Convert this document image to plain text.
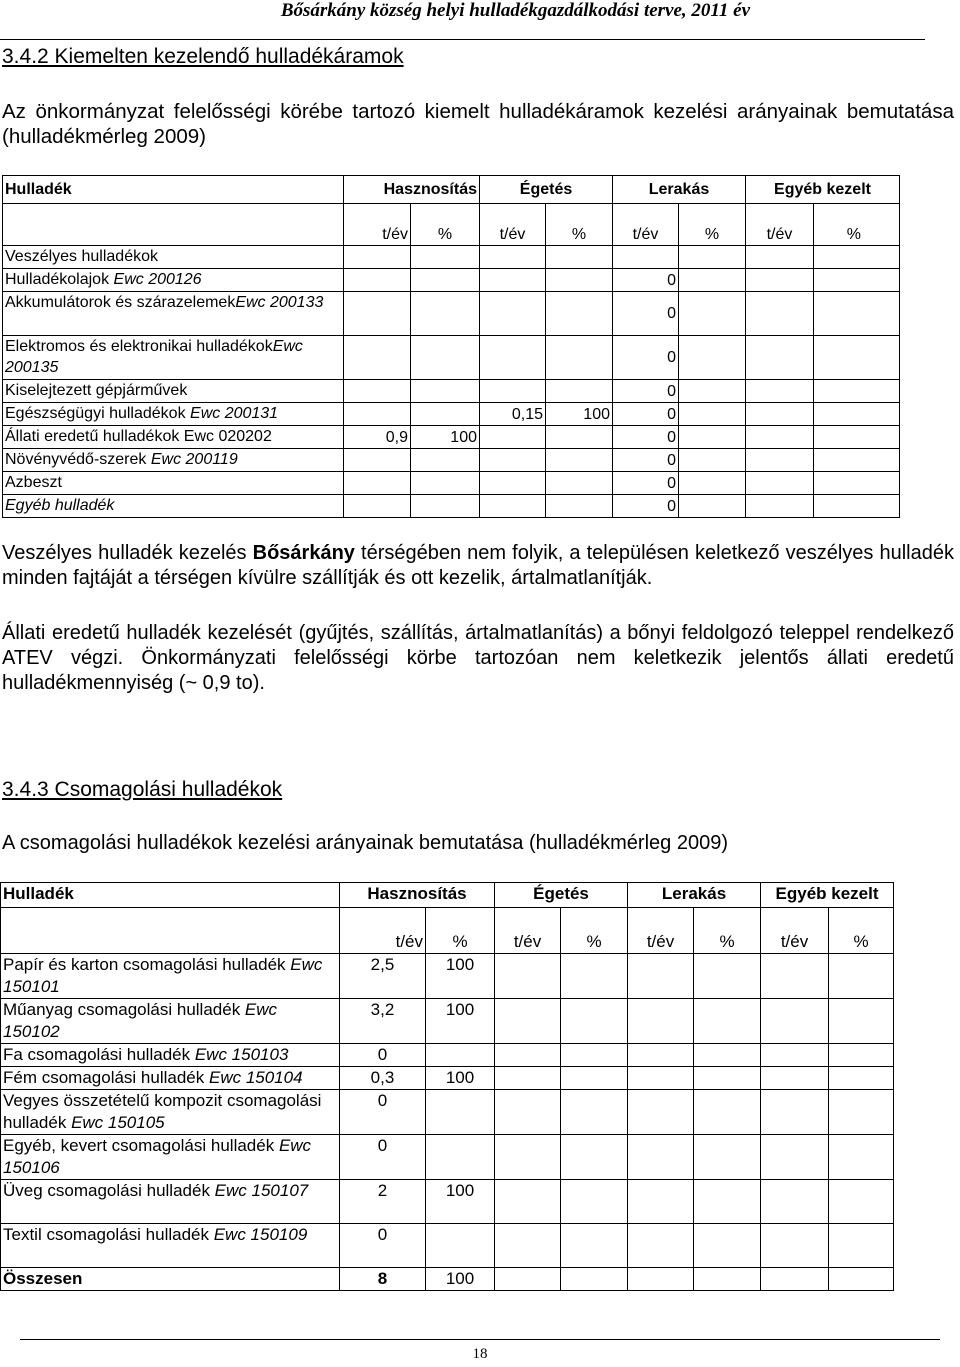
Bősárkány község helyi hulladékgazdálkodási terve, 2011 év
3.4.2 Kiemelten kezelendő hulladékáramok
Az önkormányzat felelősségi körébe tartozó kiemelt hulladékáramok kezelési arányainak bemutatása (hulladékmérleg 2009)
Hulladék	Hasznosítás		Égetés		Lerakás		Egyéb kezelt	
	t/év	%	t/év	%	t/év	%	t/év	%
Veszélyes hulladékok								
Hulladékolajok Ewc 200126					0			
Akkumulátorok és szárazelemekEwc 200133					0			
Elektromos és elektronikai hulladékokEwc 200135					0			
Kiselejtezett gépjárművek					0			
Egészségügyi hulladékok Ewc 200131			0,15	100	0			
Állati eredetű hulladékok Ewc 020202	0,9	100			0			
Növényvédő-szerek Ewc 200119					0			
Azbeszt					0			
Egyéb hulladék					0			
Veszélyes hulladék kezelés Bősárkány térségében nem folyik, a településen keletkező veszélyes hulladék minden fajtáját a térségen kívülre szállítják és ott kezelik, ártalmatlanítják.
Állati eredetű hulladék kezelését (gyűjtés, szállítás, ártalmatlanítás) a bőnyi feldolgozó teleppel rendelkező ATEV végzi. Önkormányzati felelősségi körbe tartozóan nem keletkezik jelentős állati eredetű hulladékmennyiség (~ 0,9 to).
3.4.3 Csomagolási hulladékok
A csomagolási hulladékok kezelési arányainak bemutatása (hulladékmérleg 2009)
Hulladék	Hasznosítás		Égetés		Lerakás		Egyéb kezelt	
	t/év	%	t/év	%	t/év	%	t/év	%
Papír és karton csomagolási hulladék Ewc 150101	2,5	100						
Műanyag csomagolási hulladék Ewc 150102	3,2	100						
Fa csomagolási hulladék Ewc 150103	0							
Fém csomagolási hulladék Ewc 150104	0,3	100						
Vegyes összetételű kompozit csomagolási hulladék Ewc 150105	0							
Egyéb, kevert csomagolási hulladék Ewc 150106	0							
Üveg csomagolási hulladék Ewc 150107	2	100						
Textil csomagolási hulladék Ewc 150109	0							
Összesen	8	100						
18
